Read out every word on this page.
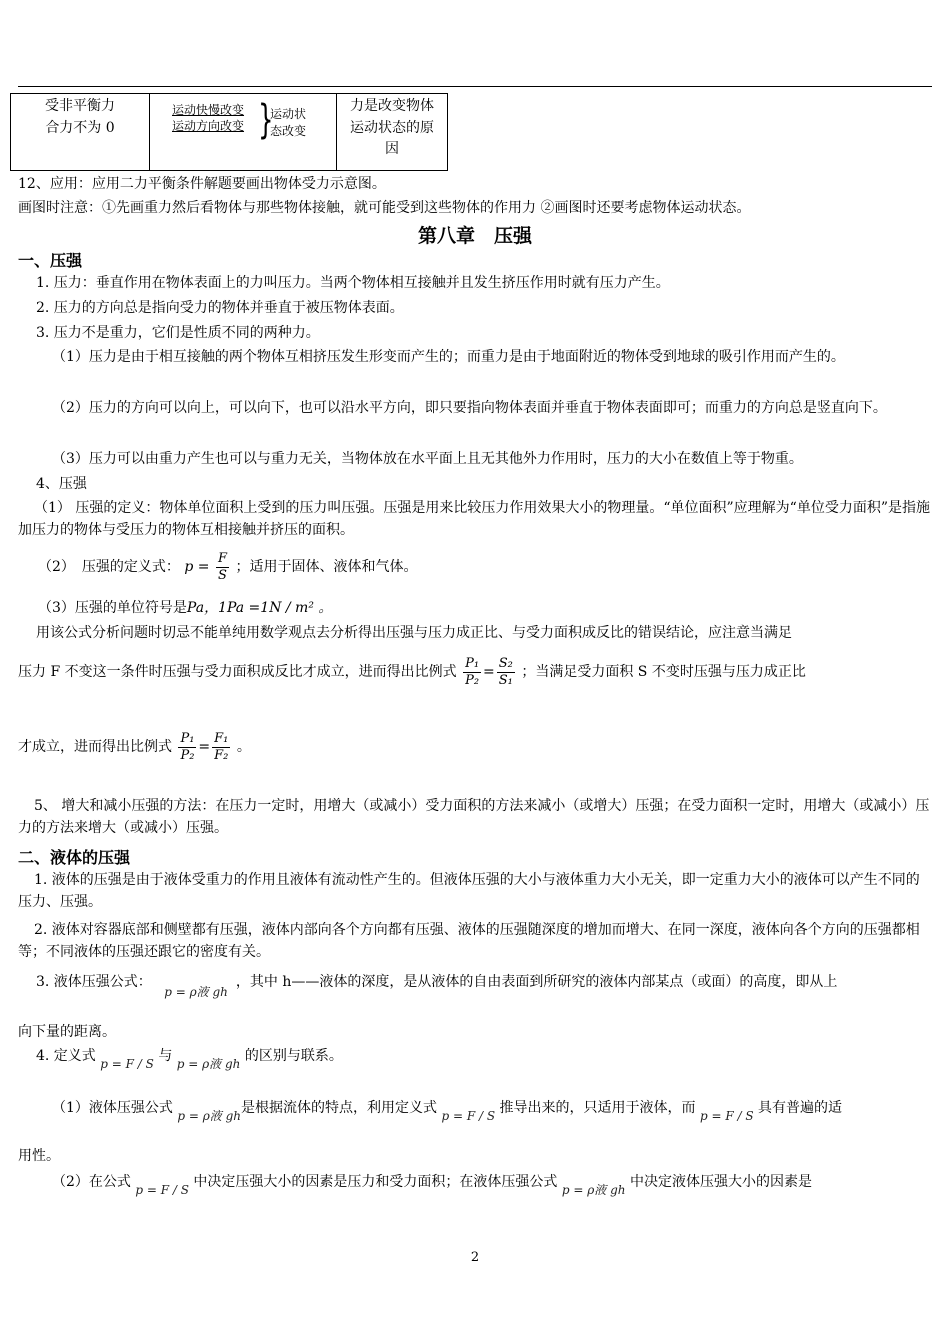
受非平衡力
合力不为 0

运动快慢改变
运动方向改变 }
运动状
态改变

力是改变物体
运动状态的原
因
12、应用：应用二力平衡条件解题要画出物体受力示意图。
画图时注意：①先画重力然后看物体与那些物体接触，就可能受到这些物体的作用力 ②画图时还要考虑物体运动状态。
第八章　压强
一、压强
1. 压力：垂直作用在物体表面上的力叫压力。当两个物体相互接触并且发生挤压作用时就有压力产生。
2. 压力的方向总是指向受力的物体并垂直于被压物体表面。
3. 压力不是重力，它们是性质不同的两种力。
（1）压力是由于相互接触的两个物体互相挤压发生形变而产生的；而重力是由于地面附近的物体受到地球的吸引作用而产生的。
（2）压力的方向可以向上，可以向下，也可以沿水平方向，即只要指向物体表面并垂直于物体表面即可；而重力的方向总是竖直向下。
（3）压力可以由重力产生也可以与重力无关，当物体放在水平面上且无其他外力作用时，压力的大小在数值上等于物重。
4、压强
（1） 压强的定义：物体单位面积上受到的压力叫压强。压强是用来比较压力作用效果大小的物理量。“单位面积”应理解为“单位受力面积”是指施加压力的物体与受压力的物体互相接触并挤压的面积。
（2）　压强的定义式： $p = \frac{F}{S}$ ；适用于固体、液体和气体。
（3）压强的单位符号是Pa，1Pa =1N / m² 。
用该公式分析问题时切忌不能单纯用数学观点去分析得出压强与压力成正比、与受力面积成反比的错误结论，应注意当满足
压力 F 不变这一条件时压强与受力面积成反比才成立，进而得出比例式 $\frac{\text{P₁}}{\text{P₂}} = \frac{\text{S₂}}{\text{S₁}}$ ；当满足受力面积 S 不变时压强与压力成正比
才成立，进而得出比例式 $\frac{\text{P₁}}{\text{P₂}} = \frac{\text{F₁}}{\text{F₂}}$ 。
5、 增大和减小压强的方法：在压力一定时，用增大（或减小）受力面积的方法来减小（或增大）压强；在受力面积一定时，用增大（或减小）压力的方法来增大（或减小）压强。
二、液体的压强
1. 液体的压强是由于液体受重力的作用且液体有流动性产生的。但液体压强的大小与液体重力大小无关，即一定重力大小的液体可以产生不同的压力、压强。
2. 液体对容器底部和侧壁都有压强，液体内部向各个方向都有压强、液体的压强随深度的增加而增大、在同一深度，液体向各个方向的压强都相等；不同液体的压强还跟它的密度有关。
3. 液体压强公式： p = ρ液 gh，其中 h——液体的深度，是从液体的自由表面到所研究的液体内部某点（或面）的高度，即从上
向下量的距离。
4. 定义式 p = F / S 与 p = ρ液 gh 的区别与联系。
（1）液体压强公式 p = ρ液 gh是根据流体的特点，利用定义式 p = F / S 推导出来的，只适用于液体，而 p = F / S 具有普遍的适
用性。
（2）在公式 p = F / S 中决定压强大小的因素是压力和受力面积；在液体压强公式 p = ρ液 gh 中决定液体压强大小的因素是
2
